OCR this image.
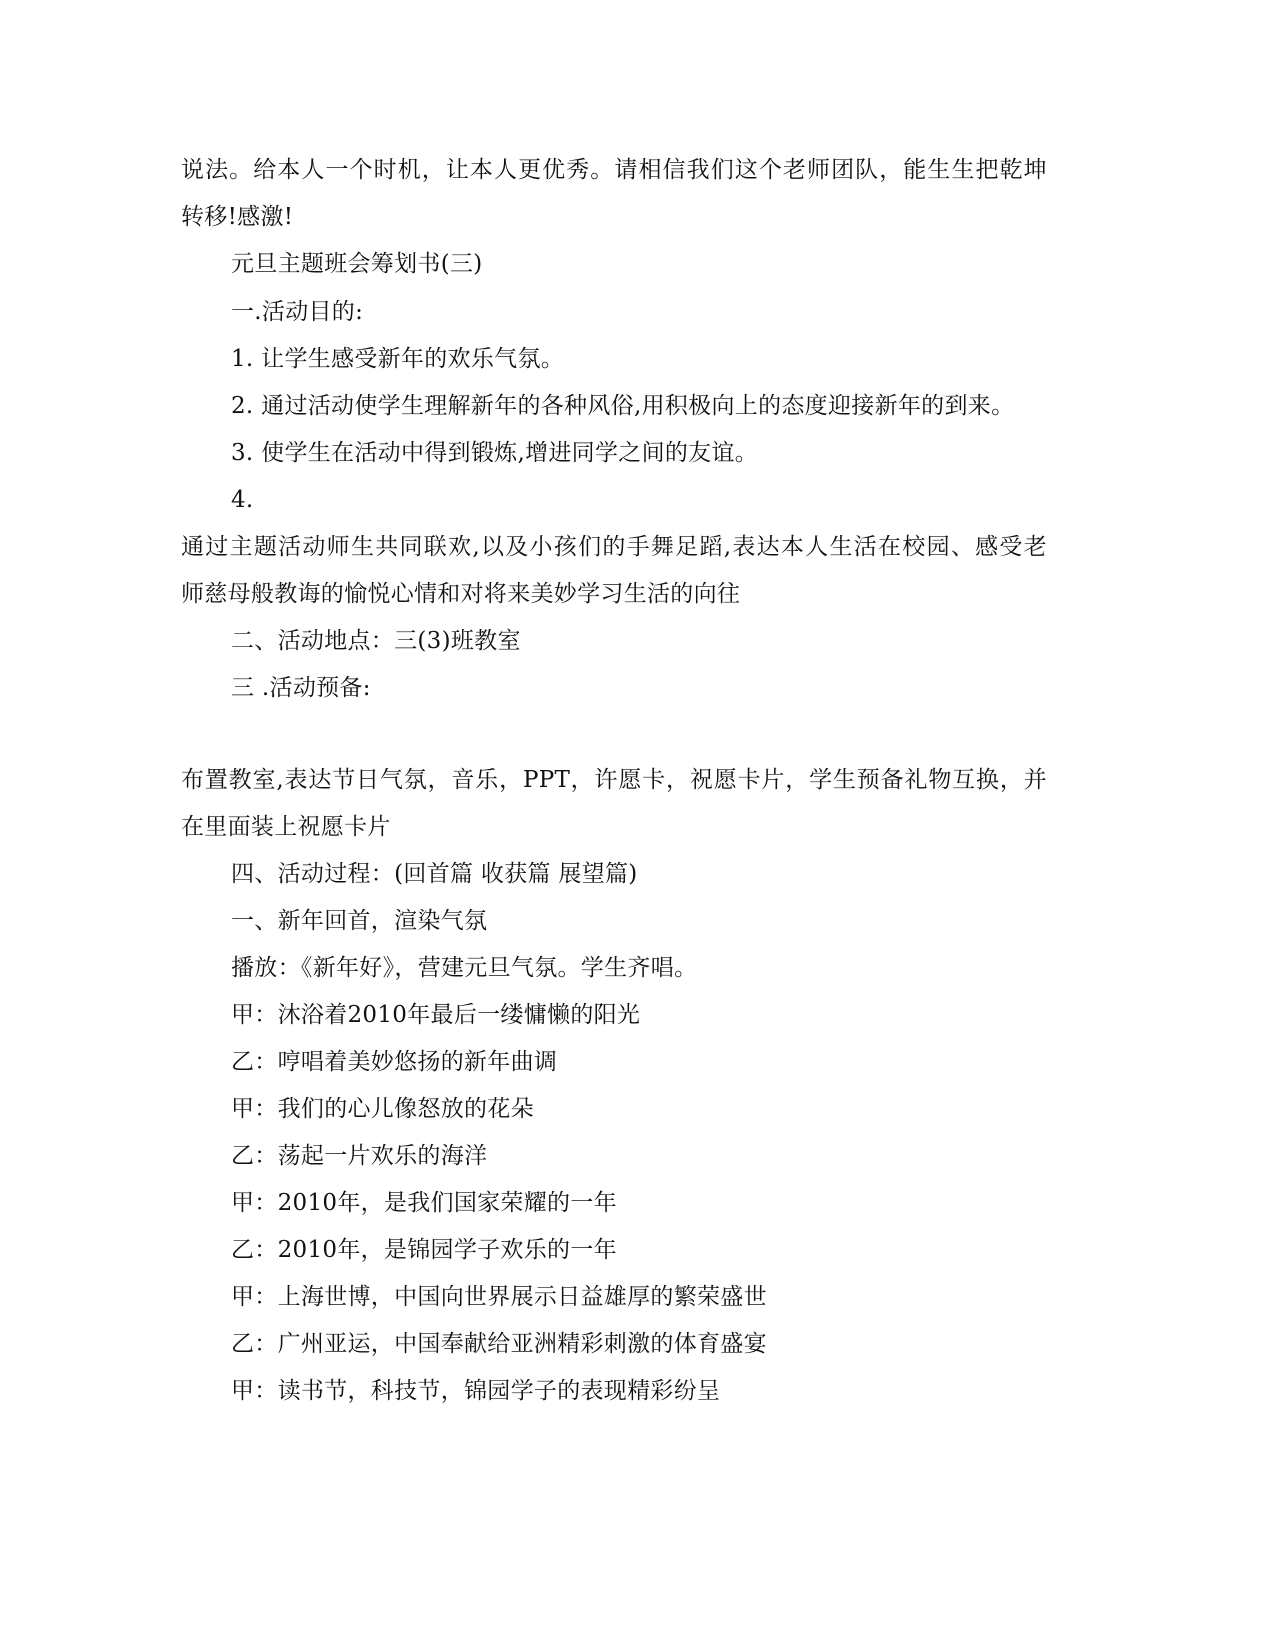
说法。给本人一个时机，让本人更优秀。请相信我们这个老师团队，能生生把乾坤
转移!感激!
元旦主题班会筹划书(三)
一.活动目的:
1. 让学生感受新年的欢乐气氛。
2. 通过活动使学生理解新年的各种风俗,用积极向上的态度迎接新年的到来。
3. 使学生在活动中得到锻炼,增进同学之间的友谊。
4.
通过主题活动师生共同联欢,以及小孩们的手舞足蹈,表达本人生活在校园、感受老
师慈母般教诲的愉悦心情和对将来美妙学习生活的向往
二、活动地点：三(3)班教室
三 .活动预备:
布置教室,表达节日气氛，音乐，PPT，许愿卡，祝愿卡片，学生预备礼物互换，并
在里面装上祝愿卡片
四、活动过程：(回首篇 收获篇 展望篇)
一、新年回首，渲染气氛
播放：《新年好》，营建元旦气氛。学生齐唱。
甲：沐浴着2010年最后一缕慵懒的阳光
乙：哼唱着美妙悠扬的新年曲调
甲：我们的心儿像怒放的花朵
乙：荡起一片欢乐的海洋
甲：2010年，是我们国家荣耀的一年
乙：2010年，是锦园学子欢乐的一年
甲：上海世博，中国向世界展示日益雄厚的繁荣盛世
乙：广州亚运，中国奉献给亚洲精彩刺激的体育盛宴
甲：读书节，科技节，锦园学子的表现精彩纷呈
